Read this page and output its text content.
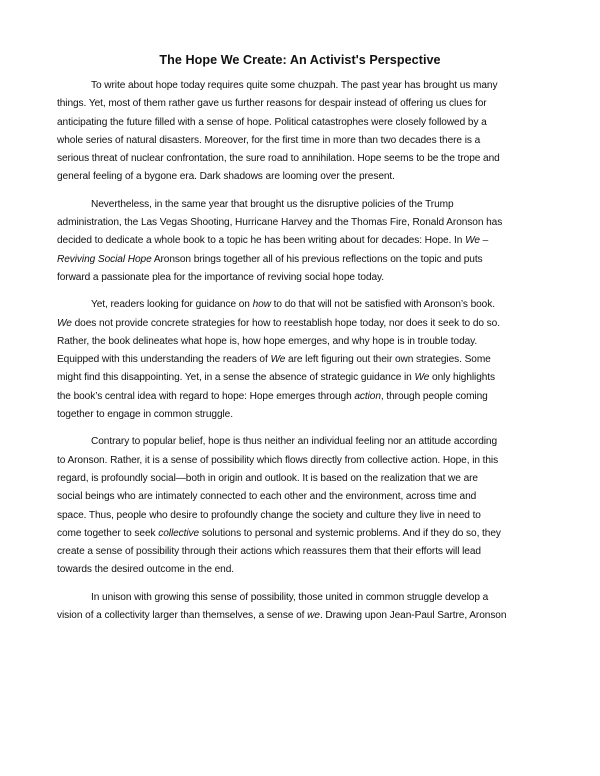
The Hope We Create: An Activist's Perspective
To write about hope today requires quite some chuzpah. The past year has brought us many
things. Yet, most of them rather gave us further reasons for despair instead of offering us clues for
anticipating the future filled with a sense of hope. Political catastrophes were closely followed by a
whole series of natural disasters. Moreover, for the first time in more than two decades there is a
serious threat of nuclear confrontation, the sure road to annihilation. Hope seems to be the trope and
general feeling of a bygone era. Dark shadows are looming over the present.
Nevertheless, in the same year that brought us the disruptive policies of the Trump
administration, the Las Vegas Shooting, Hurricane Harvey and the Thomas Fire, Ronald Aronson has
decided to dedicate a whole book to a topic he has been writing about for decades: Hope. In We –
Reviving Social Hope Aronson brings together all of his previous reflections on the topic and puts
forward a passionate plea for the importance of reviving social hope today.
Yet, readers looking for guidance on how to do that will not be satisfied with Aronson’s book.
We does not provide concrete strategies for how to reestablish hope today, nor does it seek to do so.
Rather, the book delineates what hope is, how hope emerges, and why hope is in trouble today.
Equipped with this understanding the readers of We are left figuring out their own strategies. Some
might find this disappointing. Yet, in a sense the absence of strategic guidance in We only highlights
the book’s central idea with regard to hope: Hope emerges through action, through people coming
together to engage in common struggle.
Contrary to popular belief, hope is thus neither an individual feeling nor an attitude according
to Aronson. Rather, it is a sense of possibility which flows directly from collective action. Hope, in this
regard, is profoundly social—both in origin and outlook. It is based on the realization that we are
social beings who are intimately connected to each other and the environment, across time and
space. Thus, people who desire to profoundly change the society and culture they live in need to
come together to seek collective solutions to personal and systemic problems. And if they do so, they
create a sense of possibility through their actions which reassures them that their efforts will lead
towards the desired outcome in the end.
In unison with growing this sense of possibility, those united in common struggle develop a
vision of a collectivity larger than themselves, a sense of we. Drawing upon Jean-Paul Sartre, Aronson
